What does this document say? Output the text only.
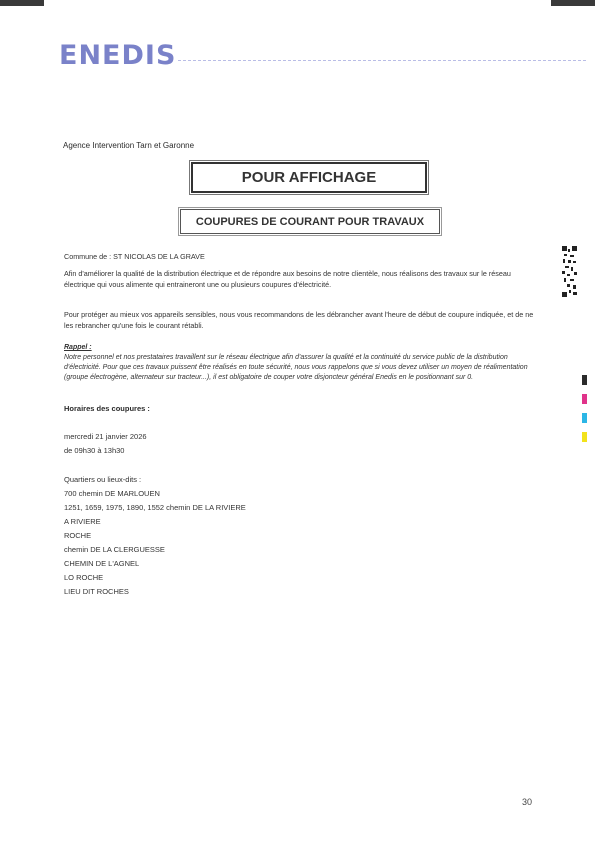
ENEDIS
Agence Intervention Tarn et Garonne
POUR AFFICHAGE
COUPURES DE COURANT POUR TRAVAUX
Commune de : ST NICOLAS DE LA GRAVE
Afin d'améliorer la qualité de la distribution électrique et de répondre aux besoins de notre clientèle, nous réalisons des travaux sur le réseau électrique qui vous alimente qui entraineront une ou plusieurs coupures d'électricité.
Pour protéger au mieux vos appareils sensibles, nous vous recommandons de les débrancher avant l'heure de début de coupure indiquée, et de ne les rebrancher qu'une fois le courant rétabli.
Rappel :
Notre personnel et nos prestataires travaillent sur le réseau électrique afin d'assurer la qualité et la continuité du service public de la distribution d'électricité. Pour que ces travaux puissent être réalisés en toute sécurité, nous vous rappelons que si vous devez utiliser un moyen de réalimentation (groupe électrogène, alternateur sur tracteur...), il est obligatoire de couper votre disjoncteur général Enedis en le positionnant sur 0.
Horaires des coupures :
mercredi 21 janvier 2026
de 09h30 à 13h30
Quartiers ou lieux-dits :
700 chemin DE MARLOUEN
1251, 1659, 1975, 1890, 1552 chemin DE LA RIVIERE
A RIVIERE
ROCHE
chemin DE LA CLERGUESSE
CHEMIN DE L'AGNEL
LO ROCHE
LIEU DIT ROCHES
30
